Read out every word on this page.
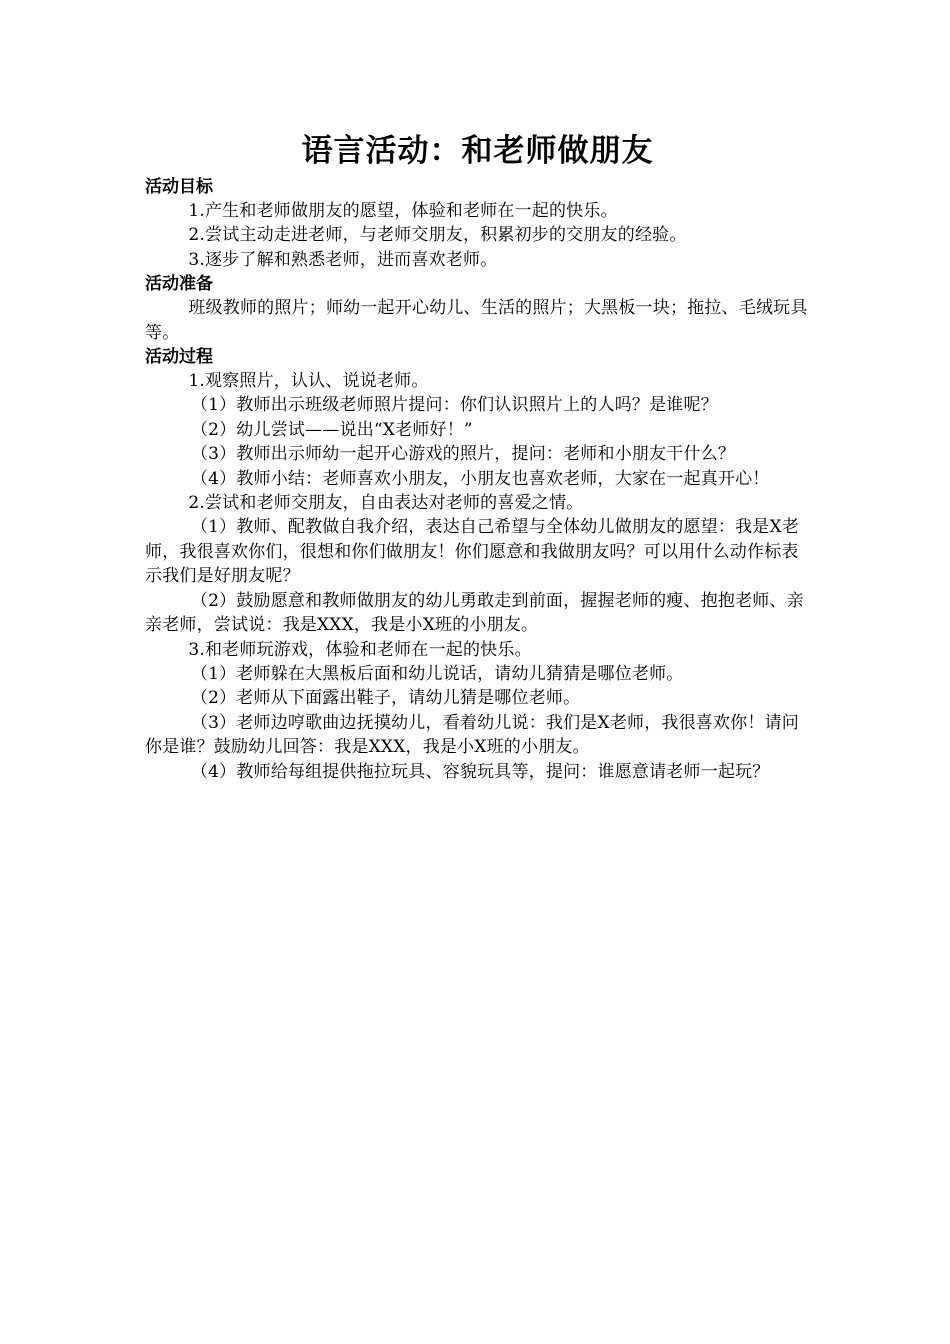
语言活动：和老师做朋友
活动目标

1.产生和老师做朋友的愿望，体验和老师在一起的快乐。

2.尝试主动走进老师，与老师交朋友，积累初步的交朋友的经验。

3.逐步了解和熟悉老师，进而喜欢老师。

活动准备

班级教师的照片；师幼一起开心幼儿、生活的照片；大黑板一块；拖拉、毛绒玩具等。

活动过程

1.观察照片，认认、说说老师。

（1）教师出示班级老师照片提问：你们认识照片上的人吗？是谁呢？

（2）幼儿尝试——说出“X老师好！”

（3）教师出示师幼一起开心游戏的照片，提问：老师和小朋友干什么？

（4）教师小结：老师喜欢小朋友，小朋友也喜欢老师，大家在一起真开心！

2.尝试和老师交朋友，自由表达对老师的喜爱之情。

（1）教师、配教做自我介绍，表达自己希望与全体幼儿做朋友的愿望：我是X老师，我很喜欢你们，很想和你们做朋友！你们愿意和我做朋友吗？可以用什么动作标表示我们是好朋友呢？

（2）鼓励愿意和教师做朋友的幼儿勇敢走到前面，握握老师的瘦、抱抱老师、亲亲老师，尝试说：我是XXX，我是小X班的小朋友。

3.和老师玩游戏，体验和老师在一起的快乐。

（1）老师躲在大黑板后面和幼儿说话，请幼儿猜猜是哪位老师。

（2）老师从下面露出鞋子，请幼儿猜是哪位老师。

（3）老师边哼歌曲边抚摸幼儿，看着幼儿说：我们是X老师，我很喜欢你！请问你是谁？鼓励幼儿回答：我是XXX，我是小X班的小朋友。

（4）教师给每组提供拖拉玩具、容貌玩具等，提问：谁愿意请老师一起玩？
